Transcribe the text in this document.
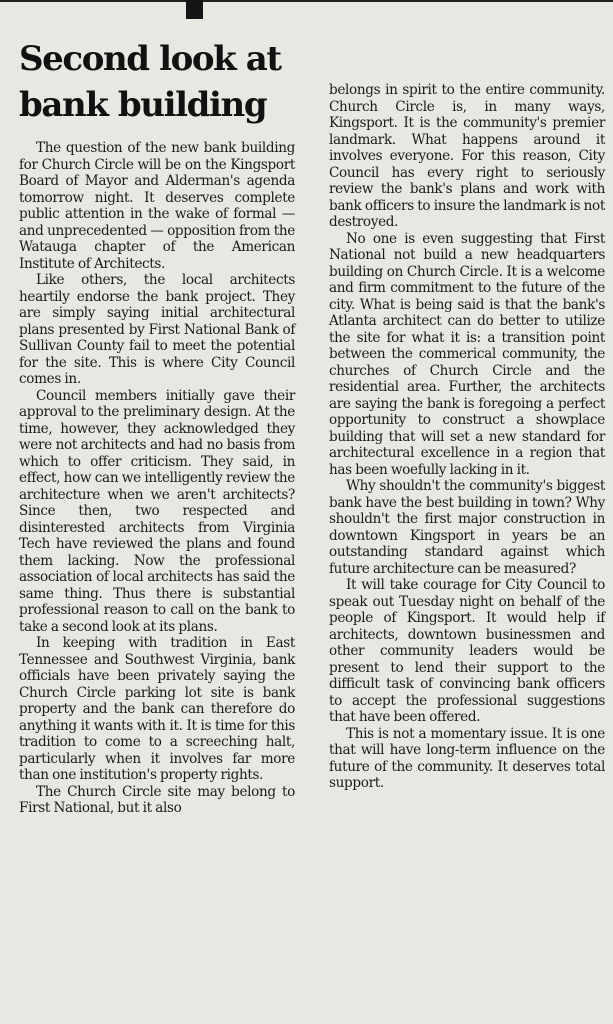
Second look at bank building

The question of the new bank building for Church Circle will be on the Kingsport Board of Mayor and Alderman's agenda tomorrow night. It deserves complete public attention in the wake of formal — and unprecedented — opposition from the Watauga chapter of the American Institute of Architects.

Like others, the local architects heartily endorse the bank project. They are simply saying initial architectural plans presented by First National Bank of Sullivan County fail to meet the potential for the site. This is where City Council comes in.

Council members initially gave their approval to the preliminary design. At the time, however, they acknowledged they were not architects and had no basis from which to offer criticism. They said, in effect, how can we intelligently review the architecture when we aren't architects? Since then, two respected and disinterested architects from Virginia Tech have reviewed the plans and found them lacking. Now the professional association of local architects has said the same thing. Thus there is substantial professional reason to call on the bank to take a second look at its plans.

In keeping with tradition in East Tennessee and Southwest Virginia, bank officials have been privately saying the Church Circle parking lot site is bank property and the bank can therefore do anything it wants with it. It is time for this tradition to come to a screeching halt, particularly when it involves far more than one institution's property rights.

The Church Circle site may belong to First National, but it also

belongs in spirit to the entire community. Church Circle is, in many ways, Kingsport. It is the community's premier landmark. What happens around it involves everyone. For this reason, City Council has every right to seriously review the bank's plans and work with bank officers to insure the landmark is not destroyed.

No one is even suggesting that First National not build a new headquarters building on Church Circle. It is a welcome and firm commitment to the future of the city. What is being said is that the bank's Atlanta architect can do better to utilize the site for what it is: a transition point between the commerical community, the churches of Church Circle and the residential area. Further, the architects are saying the bank is foregoing a perfect opportunity to construct a showplace building that will set a new standard for architectural excellence in a region that has been woefully lacking in it.

Why shouldn't the community's biggest bank have the best building in town? Why shouldn't the first major construction in downtown Kingsport in years be an outstanding standard against which future architecture can be measured?

It will take courage for City Council to speak out Tuesday night on behalf of the people of Kingsport. It would help if architects, downtown businessmen and other community leaders would be present to lend their support to the difficult task of convincing bank officers to accept the professional suggestions that have been offered.

This is not a momentary issue. It is one that will have long-term influence on the future of the community. It deserves total support.
